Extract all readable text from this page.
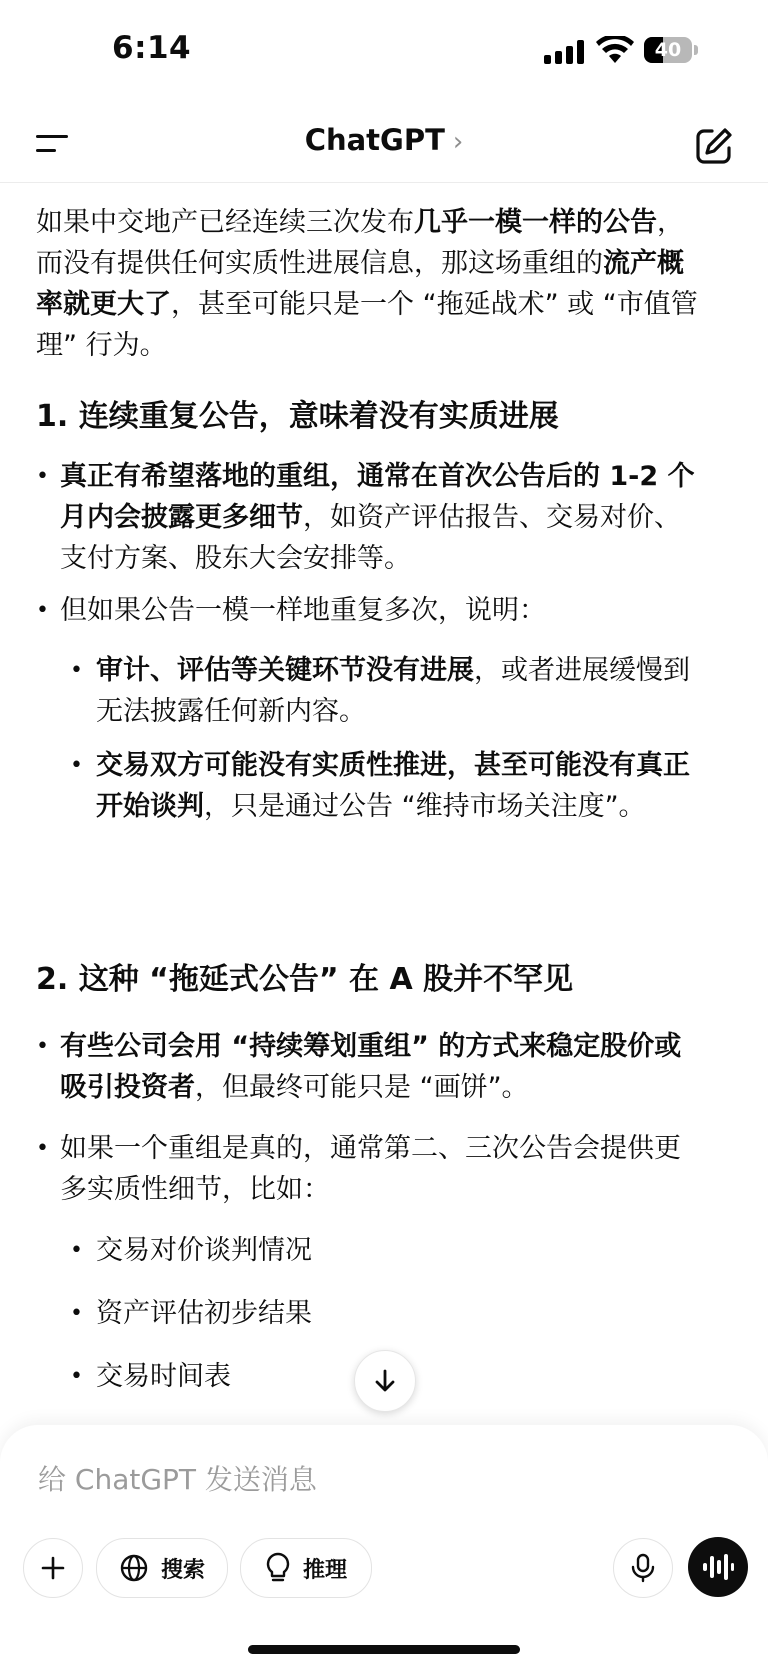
6:14	40
ChatGPT ›

如果中交地产已经连续三次发布几乎一模一样的公告，而没有提供任何实质性进展信息，那这场重组的流产概率就更大了，甚至可能只是一个 “拖延战术” 或 “市值管理” 行为。

1. 连续重复公告，意味着没有实质进展
• 真正有希望落地的重组，通常在首次公告后的 1-2 个月内会披露更多细节，如资产评估报告、交易对价、支付方案、股东大会安排等。
• 但如果公告一模一样地重复多次，说明：
• 审计、评估等关键环节没有进展，或者进展缓慢到无法披露任何新内容。
• 交易双方可能没有实质性推进，甚至可能没有真正开始谈判，只是通过公告 “维持市场关注度”。
2. 这种 “拖延式公告” 在 A 股并不罕见
• 有些公司会用 “持续筹划重组” 的方式来稳定股价或吸引投资者，但最终可能只是 “画饼”。
• 如果一个重组是真的，通常第二、三次公告会提供更多实质性细节，比如：
• 交易对价谈判情况
• 资产评估初步结果
• 交易时间表
给 ChatGPT 发送消息
搜索	推理
